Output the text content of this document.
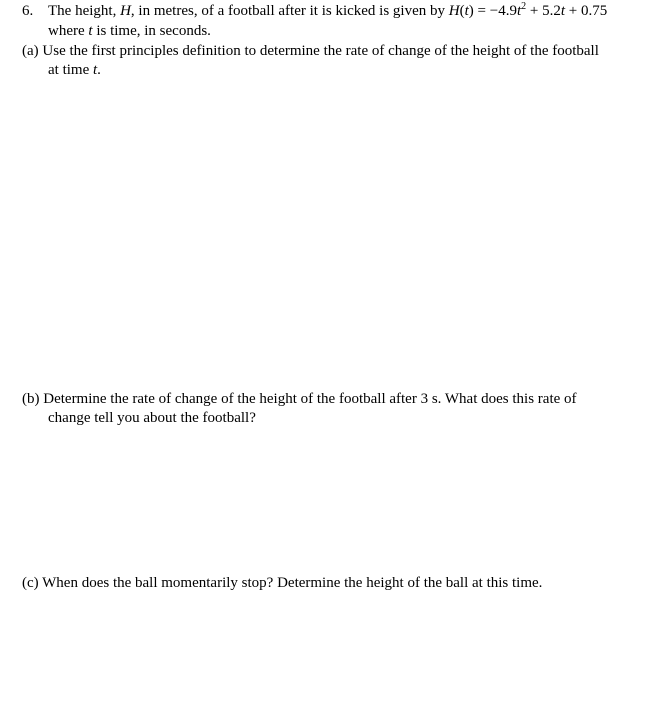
6. The height, H, in metres, of a football after it is kicked is given by $H(t) = -4.9t^2 + 5.2t + 0.75$
where t is time, in seconds.
(a) Use the first principles definition to determine the rate of change of the height of the football
at time t.
(b) Determine the rate of change of the height of the football after 3 s. What does this rate of
change tell you about the football?
(c) When does the ball momentarily stop? Determine the height of the ball at this time.
